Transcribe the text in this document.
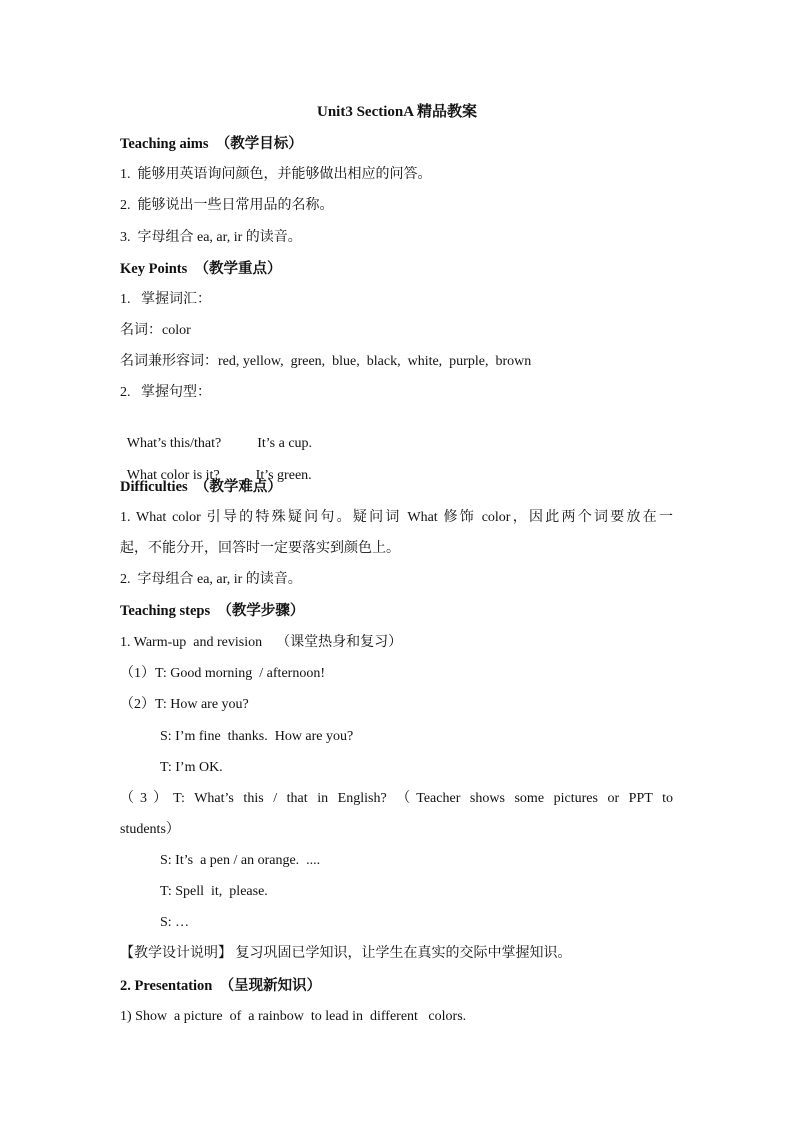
Unit3 SectionA 精品教案
Teaching aims  （教学目标）
1.  能够用英语询问颜色，并能够做出相应的问答。
2.  能够说出一些日常用品的名称。
3.  字母组合 ea, ar, ir 的读音。
Key Points  （教学重点）
1.   掌握词汇：
名词：color
名词兼形容词：red, yellow,  green,  blue,  black,  white,  purple,  brown
2.   掌握句型：

What’s this/that?	It’s a cup.

What color is it?	It’s green.

Difficulties  （教学难点）
1. What color 引导的特殊疑问句。疑问词 What 修饰 color，因此两个词要放在一
起，不能分开，回答时一定要落实到颜色上。
2.  字母组合 ea, ar, ir 的读音。
Teaching steps  （教学步骤）
1. Warm-up  and revision    （课堂热身和复习）
（1）T: Good morning  / afternoon!
（2）T: How are you?
S: I’m fine  thanks.  How are you?
T: I’m OK.
（3）T: What’s this / that in English? （Teacher shows some pictures or PPT to
students）
S: It’s  a pen / an orange.  ....
T: Spell  it,  please.
S: …
【教学设计说明】 复习巩固已学知识，让学生在真实的交际中掌握知识。
2. Presentation  （呈现新知识）
1) Show  a picture  of  a rainbow  to lead in  different   colors.
